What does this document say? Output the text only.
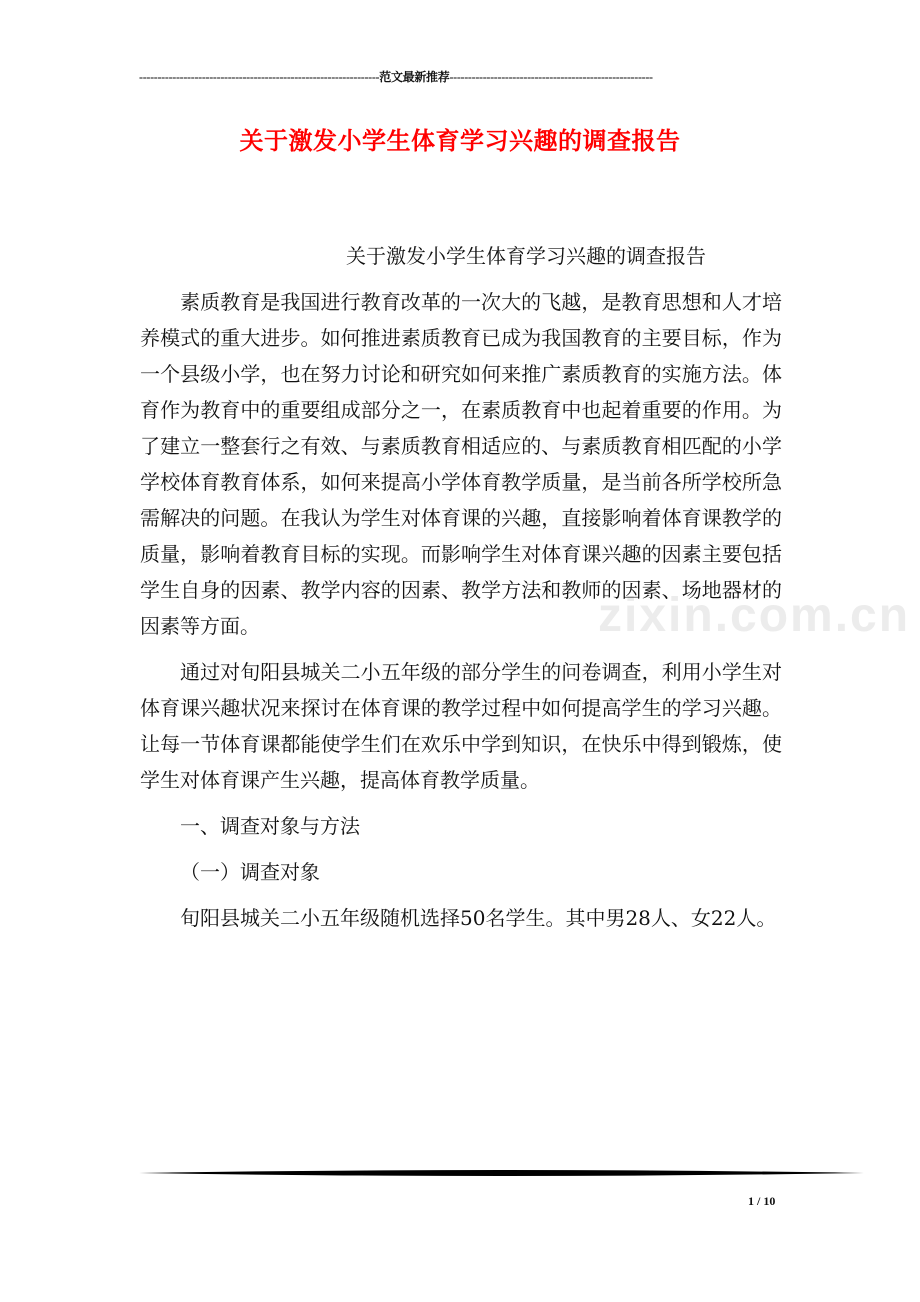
-----------------------------------------------------------------范文最新推荐-------------------------------------------------------
关于激发小学生体育学习兴趣的调查报告
zixin.com.cn

关于激发小学生体育学习兴趣的调查报告

素质教育是我国进行教育改革的一次大的飞越，是教育思想和人才培养模式的重大进步。如何推进素质教育已成为我国教育的主要目标，作为一个县级小学，也在努力讨论和研究如何来推广素质教育的实施方法。体育作为教育中的重要组成部分之一，在素质教育中也起着重要的作用。为了建立一整套行之有效、与素质教育相适应的、与素质教育相匹配的小学学校体育教育体系，如何来提高小学体育教学质量，是当前各所学校所急需解决的问题。在我认为学生对体育课的兴趣，直接影响着体育课教学的质量，影响着教育目标的实现。而影响学生对体育课兴趣的因素主要包括学生自身的因素、教学内容的因素、教学方法和教师的因素、场地器材的因素等方面。

通过对旬阳县城关二小五年级的部分学生的问卷调查，利用小学生对体育课兴趣状况来探讨在体育课的教学过程中如何提高学生的学习兴趣。让每一节体育课都能使学生们在欢乐中学到知识，在快乐中得到锻炼，使学生对体育课产生兴趣，提高体育教学质量。

一、调查对象与方法

（一）调查对象

旬阳县城关二小五年级随机选择50名学生。其中男28人、女22人。

1 / 10
